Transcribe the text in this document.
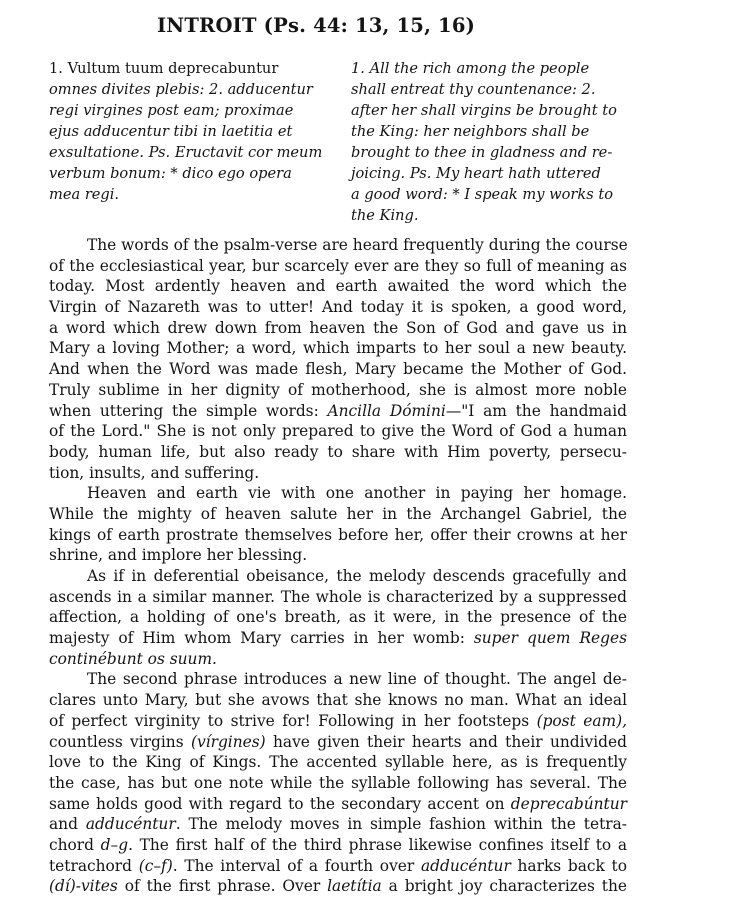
INTROIT (Ps. 44: 13, 15, 16)
1. Vultum tuum deprecabuntur
omnes divites plebis: 2. adducentur
regi virgines post eam; proximae
ejus adducentur tibi in laetitia et
exsultatione. Ps. Eructavit cor meum
verbum bonum: * dico ego opera
mea regi.
1. All the rich among the people
shall entreat thy countenance: 2.
after her shall virgins be brought to
the King: her neighbors shall be
brought to thee in gladness and re-
joicing. Ps. My heart hath uttered
a good word: * I speak my works to
the King.
The words of the psalm-verse are heard frequently during the course
of the ecclesiastical year, bur scarcely ever are they so full of meaning as
today. Most ardently heaven and earth awaited the word which the
Virgin of Nazareth was to utter! And today it is spoken, a good word,
a word which drew down from heaven the Son of God and gave us in
Mary a loving Mother; a word, which imparts to her soul a new beauty.
And when the Word was made flesh, Mary became the Mother of God.
Truly sublime in her dignity of motherhood, she is almost more noble
when uttering the simple words: Ancilla Dómini—"I am the handmaid
of the Lord." She is not only prepared to give the Word of God a human
body, human life, but also ready to share with Him poverty, persecu-
tion, insults, and suffering.
Heaven and earth vie with one another in paying her homage.
While the mighty of heaven salute her in the Archangel Gabriel, the
kings of earth prostrate themselves before her, offer their crowns at her
shrine, and implore her blessing.
As if in deferential obeisance, the melody descends gracefully and
ascends in a similar manner. The whole is characterized by a suppressed
affection, a holding of one's breath, as it were, in the presence of the
majesty of Him whom Mary carries in her womb: super quem Reges
continébunt os suum.
The second phrase introduces a new line of thought. The angel de-
clares unto Mary, but she avows that she knows no man. What an ideal
of perfect virginity to strive for! Following in her footsteps (post eam),
countless virgins (vírgines) have given their hearts and their undivided
love to the King of Kings. The accented syllable here, as is frequently
the case, has but one note while the syllable following has several. The
same holds good with regard to the secondary accent on deprecabúntur
and adducéntur. The melody moves in simple fashion within the tetra-
chord d–g. The first half of the third phrase likewise confines itself to a
tetrachord (c–f). The interval of a fourth over adducéntur harks back to
(dí)-vites of the first phrase. Over laetítia a bright joy characterizes the
